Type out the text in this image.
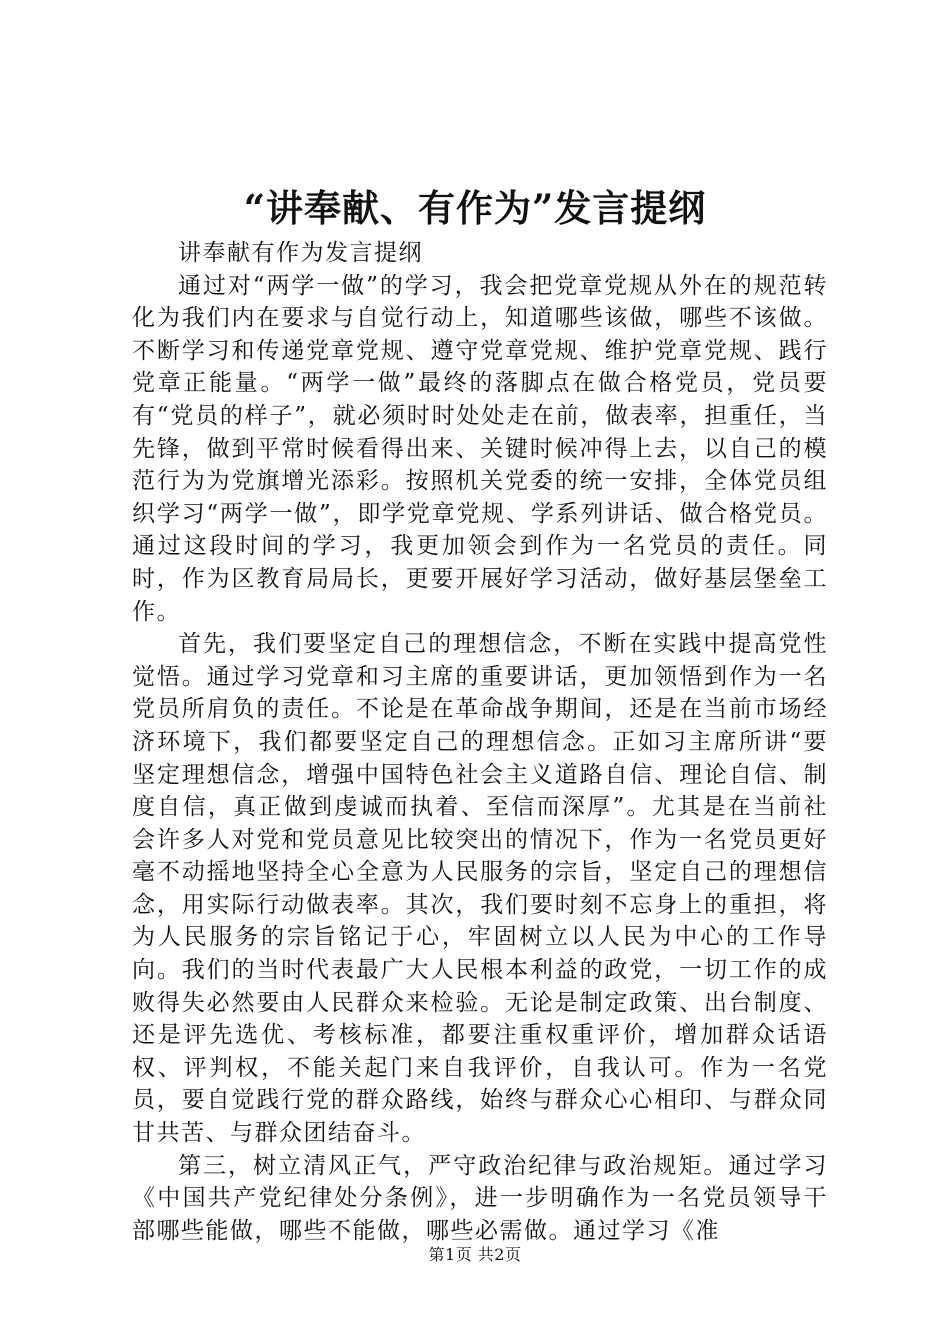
“讲奉献、有作为”发言提纲

讲奉献有作为发言提纲

通过对“两学一做”的学习，我会把党章党规从外在的规范转化为我们内在要求与自觉行动上，知道哪些该做，哪些不该做。不断学习和传递党章党规、遵守党章党规、维护党章党规、践行党章正能量。“两学一做”最终的落脚点在做合格党员，党员要有“党员的样子”，就必须时时处处走在前，做表率，担重任，当先锋，做到平常时候看得出来、关键时候冲得上去，以自己的模范行为为党旗增光添彩。按照机关党委的统一安排，全体党员组织学习“两学一做”，即学党章党规、学系列讲话、做合格党员。通过这段时间的学习，我更加领会到作为一名党员的责任。同时，作为区教育局局长，更要开展好学习活动，做好基层堡垒工作。

首先，我们要坚定自己的理想信念，不断在实践中提高党性觉悟。通过学习党章和习主席的重要讲话，更加领悟到作为一名党员所肩负的责任。不论是在革命战争期间，还是在当前市场经济环境下，我们都要坚定自己的理想信念。正如习主席所讲“要坚定理想信念，增强中国特色社会主义道路自信、理论自信、制度自信，真正做到虔诚而执着、至信而深厚”。尤其是在当前社会许多人对党和党员意见比较突出的情况下，作为一名党员更好毫不动摇地坚持全心全意为人民服务的宗旨，坚定自己的理想信念，用实际行动做表率。其次，我们要时刻不忘身上的重担，将为人民服务的宗旨铭记于心，牢固树立以人民为中心的工作导向。我们的当时代表最广大人民根本利益的政党，一切工作的成败得失必然要由人民群众来检验。无论是制定政策、出台制度、还是评先选优、考核标准，都要注重权重评价，增加群众话语权、评判权，不能关起门来自我评价，自我认可。作为一名党员，要自觉践行党的群众路线，始终与群众心心相印、与群众同甘共苦、与群众团结奋斗。

第三，树立清风正气，严守政治纪律与政治规矩。通过学习《中国共产党纪律处分条例》，进一步明确作为一名党员领导干部哪些能做，哪些不能做，哪些必需做。通过学习《准

第1页 共2页
